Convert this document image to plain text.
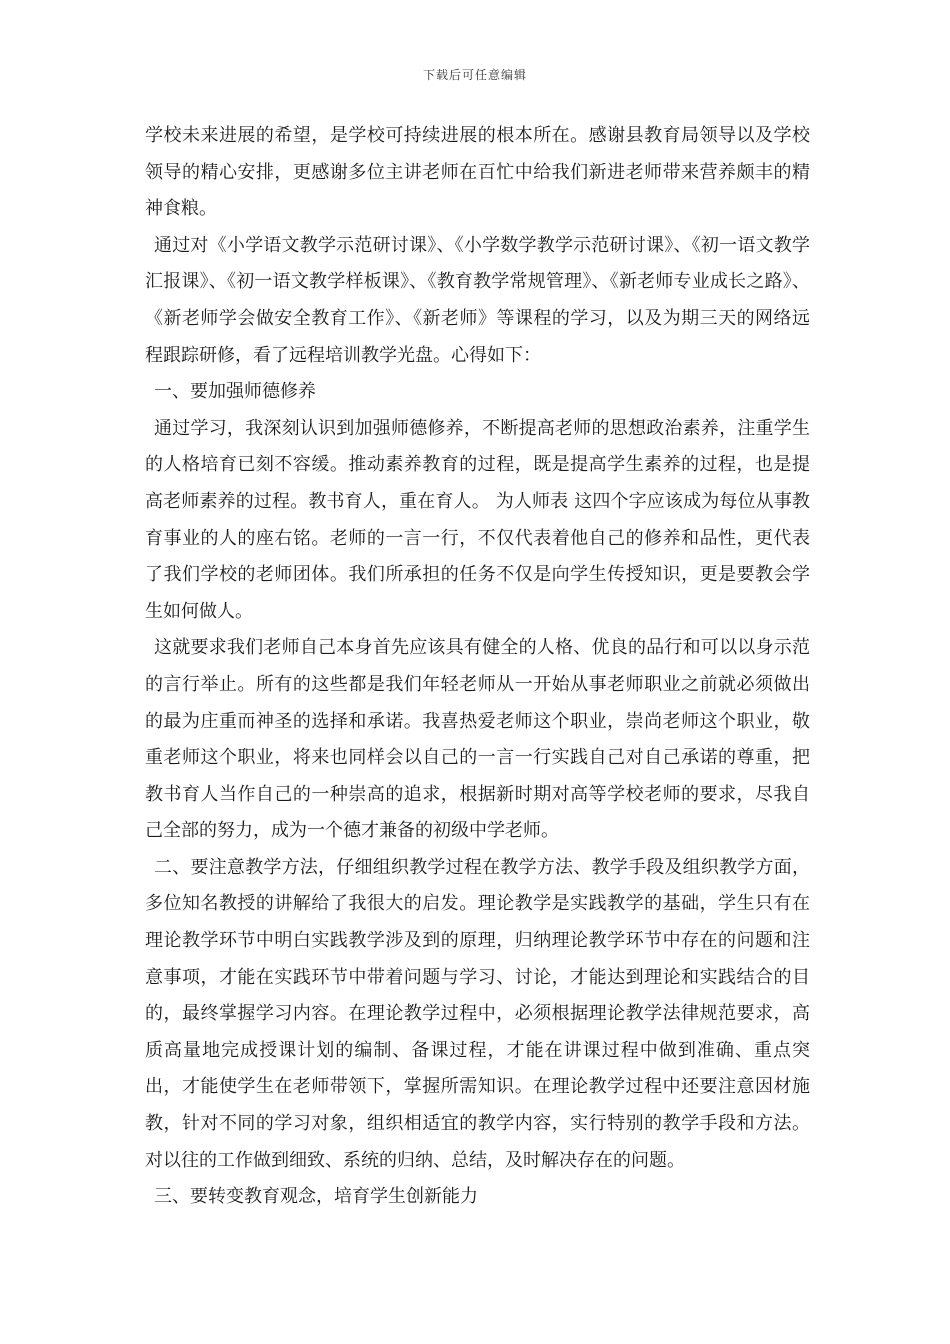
下载后可任意编辑

学校未来进展的希望，是学校可持续进展的根本所在。感谢县教育局领导以及学校领导的精心安排，更感谢多位主讲老师在百忙中给我们新进老师带来营养颇丰的精神食粮。

通过对《小学语文教学示范研讨课》、《小学数学教学示范研讨课》、《初一语文教学汇报课》、《初一语文教学样板课》、《教育教学常规管理》、《新老师专业成长之路》、《新老师学会做安全教育工作》、《新老师》等课程的学习，以及为期三天的网络远程跟踪研修，看了远程培训教学光盘。心得如下：

一、要加强师德修养

通过学习，我深刻认识到加强师德修养，不断提高老师的思想政治素养，注重学生的人格培育已刻不容缓。推动素养教育的过程，既是提高学生素养的过程，也是提高老师素养的过程。教书育人，重在育人。 为人师表 这四个字应该成为每位从事教育事业的人的座右铭。老师的一言一行，不仅代表着他自己的修养和品性，更代表了我们学校的老师团体。我们所承担的任务不仅是向学生传授知识，更是要教会学生如何做人。

这就要求我们老师自己本身首先应该具有健全的人格、优良的品行和可以以身示范的言行举止。所有的这些都是我们年轻老师从一开始从事老师职业之前就必须做出的最为庄重而神圣的选择和承诺。我喜热爱老师这个职业，崇尚老师这个职业，敬重老师这个职业，将来也同样会以自己的一言一行实践自己对自己承诺的尊重，把教书育人当作自己的一种崇高的追求，根据新时期对高等学校老师的要求，尽我自己全部的努力，成为一个德才兼备的初级中学老师。

二、要注意教学方法，仔细组织教学过程在教学方法、教学手段及组织教学方面，多位知名教授的讲解给了我很大的启发。理论教学是实践教学的基础，学生只有在理论教学环节中明白实践教学涉及到的原理，归纳理论教学环节中存在的问题和注意事项，才能在实践环节中带着问题与学习、讨论，才能达到理论和实践结合的目的，最终掌握学习内容。在理论教学过程中，必须根据理论教学法律规范要求，高质高量地完成授课计划的编制、备课过程，才能在讲课过程中做到准确、重点突出，才能使学生在老师带领下，掌握所需知识。在理论教学过程中还要注意因材施教，针对不同的学习对象，组织相适宜的教学内容，实行特别的教学手段和方法。对以往的工作做到细致、系统的归纳、总结，及时解决存在的问题。

三、要转变教育观念，培育学生创新能力
